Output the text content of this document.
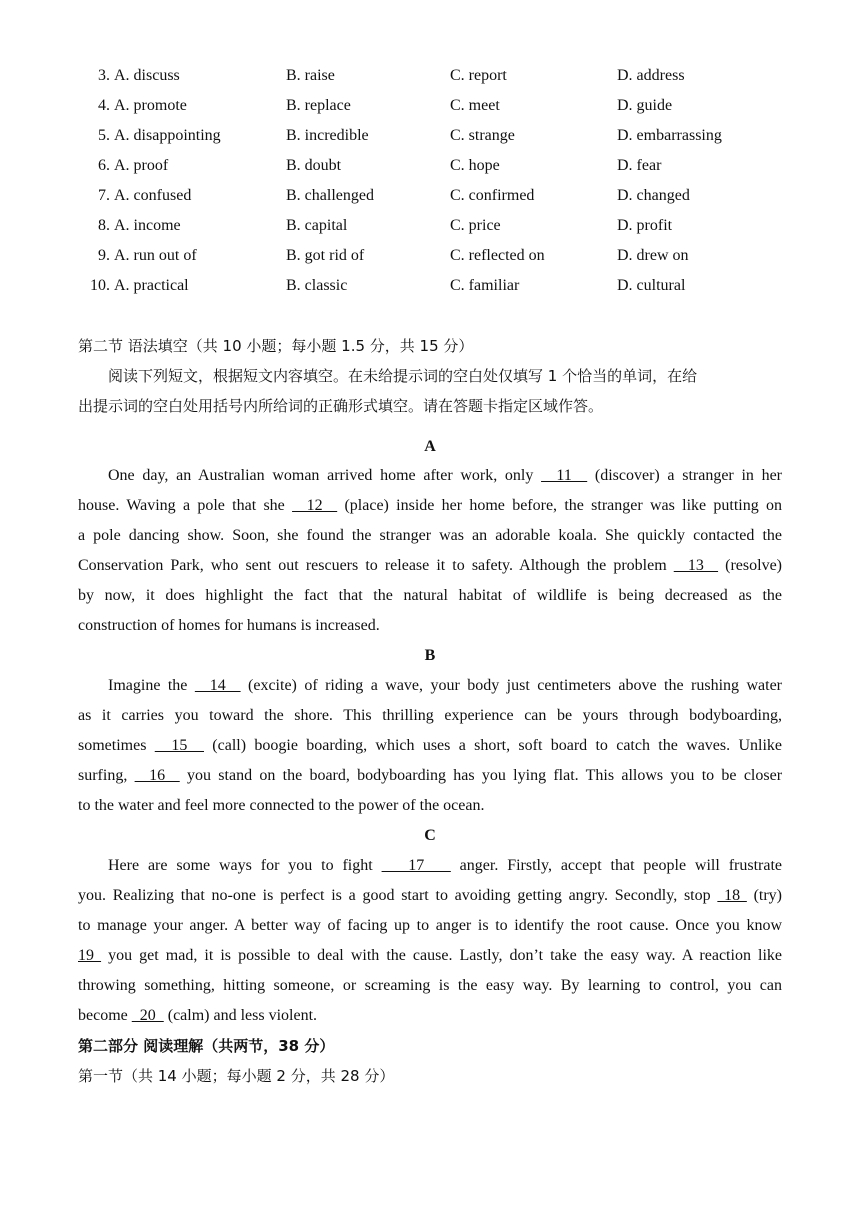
3. A. discuss	B. raise	C. report	D. address
4. A. promote	B. replace	C. meet	D. guide
5. A. disappointing	B. incredible	C. strange	D. embarrassing
6. A. proof	B. doubt	C. hope	D. fear
7. A. confused	B. challenged	C. confirmed	D. changed
8. A. income	B. capital	C. price	D. profit
9. A. run out of	B. got rid of	C. reflected on	D. drew on
10. A. practical	B. classic	C. familiar	D. cultural
第二节 语法填空（共 10 小题；每小题 1.5 分，共 15 分）
阅读下列短文，根据短文内容填空。在未给提示词的空白处仅填写 1 个恰当的单词，在给
出提示词的空白处用括号内所给词的正确形式填空。请在答题卡指定区域作答。
A
One day, an Australian woman arrived home after work, only   11   (discover) a stranger in her
house. Waving a pole that she   12   (place) inside her home before, the stranger was like putting on
a pole dancing show. Soon, she found the stranger was an adorable koala. She quickly contacted the
Conservation Park, who sent out rescuers to release it to safety. Although the problem   13   (resolve)
by now, it does highlight the fact that the natural habitat of wildlife is being decreased as the
construction of homes for humans is increased.
B
Imagine the   14   (excite) of riding a wave, your body just centimeters above the rushing water
as it carries you toward the shore. This thrilling experience can be yours through bodyboarding,
sometimes   15   (call) boogie boarding, which uses a short, soft board to catch the waves. Unlike
surfing,   16   you stand on the board, bodyboarding has you lying flat. This allows you to be closer
to the water and feel more connected to the power of the ocean.
C
Here are some ways for you to fight    17    anger. Firstly, accept that people will frustrate
you. Realizing that no-one is perfect is a good start to avoiding getting angry. Secondly, stop  18  (try)
to manage your anger. A better way of facing up to anger is to identify the root cause. Once you know
19  you get mad, it is possible to deal with the cause. Lastly, don’t take the easy way. A reaction like
throwing something, hitting someone, or screaming is the easy way. By learning to control, you can
become   20   (calm) and less violent.
第二部分 阅读理解（共两节，38 分）
第一节（共 14 小题；每小题 2 分，共 28 分）
